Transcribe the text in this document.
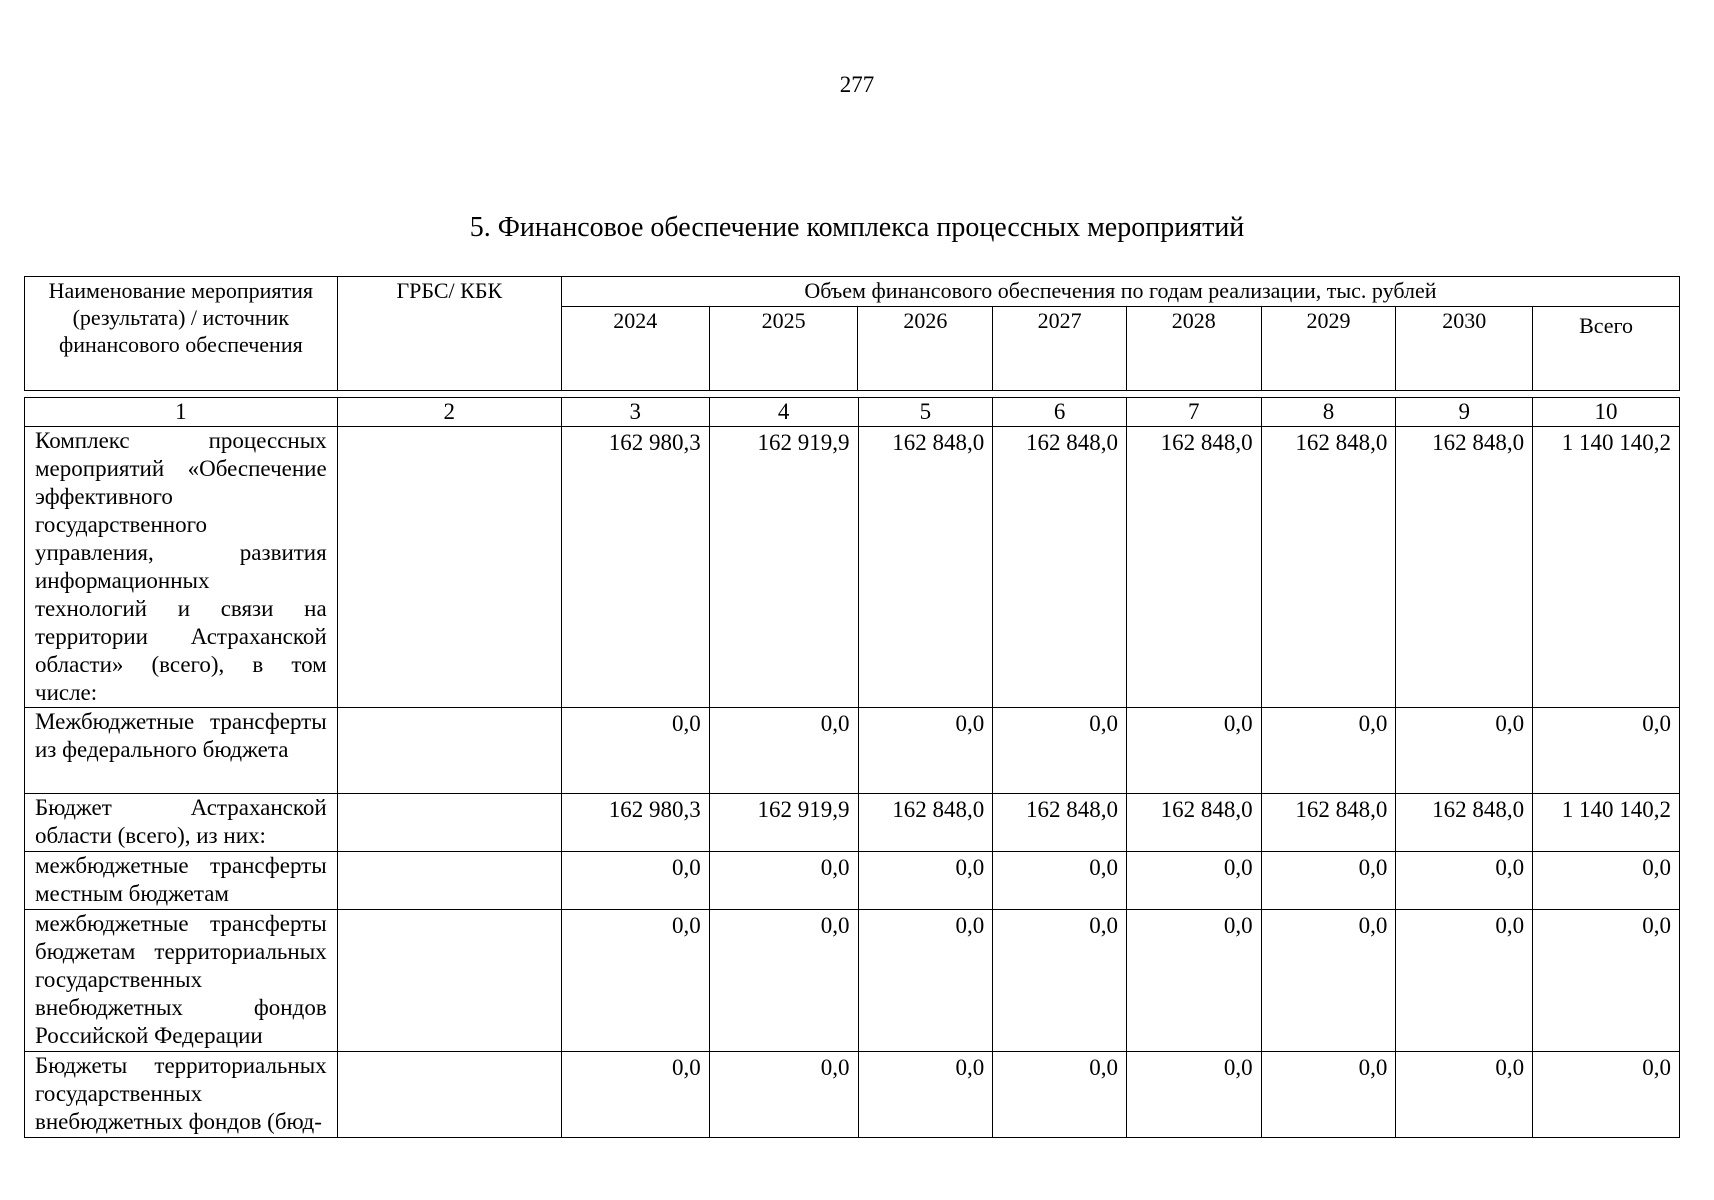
277
5. Финансовое обеспечение комплекса процессных мероприятий
Наименование мероприятия (результата) / источник финансового обеспечения	ГРБС/ КБК	Объем финансового обеспечения по годам реализации, тыс. рублей							
		2024	2025	2026	2027	2028	2029	2030	Всего
1	2	3	4	5	6	7	8	9	10
Комплекс процессных мероприятий «Обеспечение эффективного государственного управления, развития информационных технологий и связи на территории Астраханской области» (всего), в том числе:		162 980,3	162 919,9	162 848,0	162 848,0	162 848,0	162 848,0	162 848,0	1 140 140,2
Межбюджетные трансферты из федерального бюджета		0,0	0,0	0,0	0,0	0,0	0,0	0,0	0,0
Бюджет Астраханской области (всего), из них:		162 980,3	162 919,9	162 848,0	162 848,0	162 848,0	162 848,0	162 848,0	1 140 140,2
межбюджетные трансферты местным бюджетам		0,0	0,0	0,0	0,0	0,0	0,0	0,0	0,0
межбюджетные трансферты бюджетам территориальных государственных внебюджетных фондов Российской Федерации		0,0	0,0	0,0	0,0	0,0	0,0	0,0	0,0
Бюджеты территориальных государственных внебюджетных фондов (бюд-		0,0	0,0	0,0	0,0	0,0	0,0	0,0	0,0
